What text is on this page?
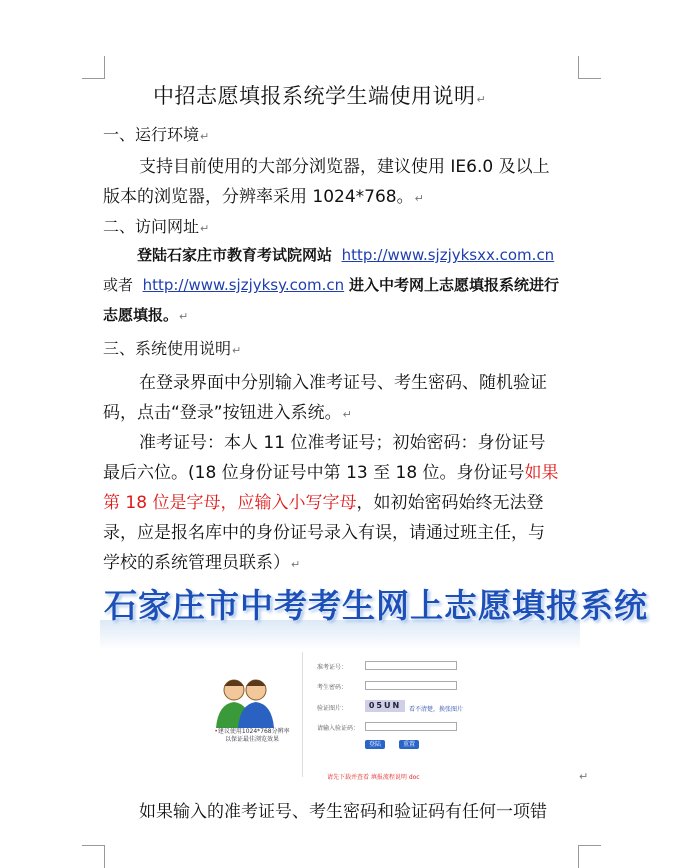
中招志愿填报系统学生端使用说明↵
一、运行环境↵
支持目前使用的大部分浏览器，建议使用 IE6.0 及以上
版本的浏览器，分辨率采用 1024*768。↵
二、访问网址↵
登陆石家庄市教育考试院网站 http://www.sjzjyksxx.com.cn
或者 http://www.sjzjyksy.com.cn 进入中考网上志愿填报系统进行
志愿填报。↵
三、系统使用说明↵
在登录界面中分别输入准考证号、考生密码、随机验证
码，点击“登录”按钮进入系统。↵
准考证号：本人 11 位准考证号；初始密码：身份证号
最后六位。(18 位身份证号中第 13 至 18 位。身份证号如果
第 18 位是字母，应输入小写字母，如初始密码始终无法登
录，应是报名库中的身份证号录入有误，请通过班主任，与
学校的系统管理员联系）↵
石家庄市中考考生网上志愿填报系统
•建议使用1024*768分辨率
以保证最佳浏览效果
准考证号：
考生密码：
验证图片：	05UN	看不清楚，换张图片
请输入验证码：
登陆	重置
请先下载并查看 填报流程说明 doc	↵
如果输入的准考证号、考生密码和验证码有任何一项错
